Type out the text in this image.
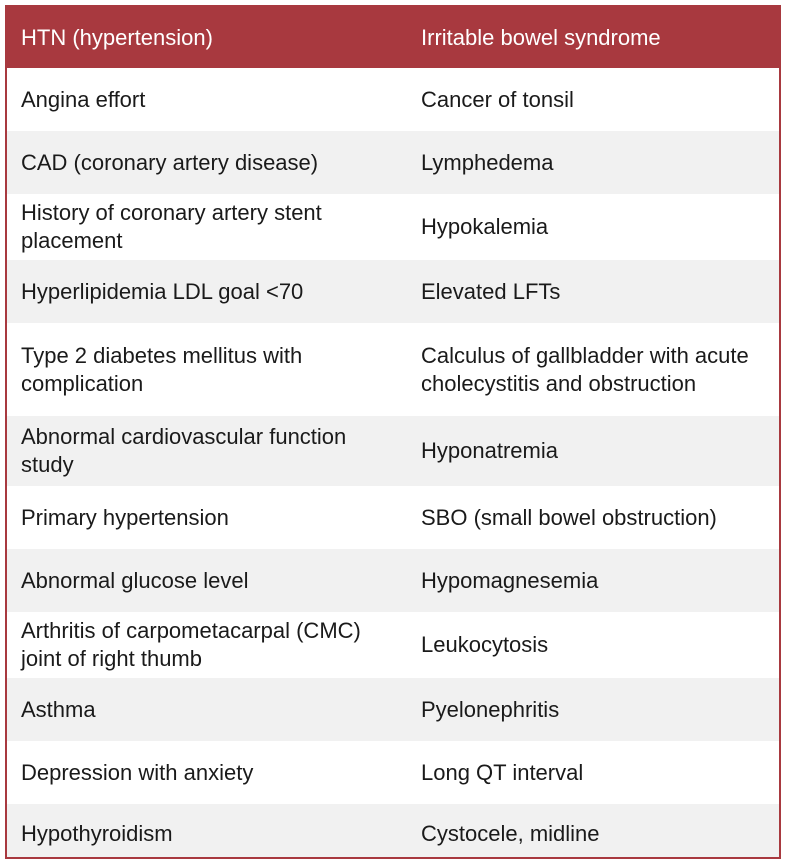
HTN (hypertension)	Irritable bowel syndrome
Angina effort	Cancer of tonsil
CAD (coronary artery disease)	Lymphedema
History of coronary artery stent placement	Hypokalemia
Hyperlipidemia LDL goal <70	Elevated LFTs
Type 2 diabetes mellitus with complication	Calculus of gallbladder with acute cholecystitis and obstruction
Abnormal cardiovascular function study	Hyponatremia
Primary hypertension	SBO (small bowel obstruction)
Abnormal glucose level	Hypomagnesemia
Arthritis of carpometacarpal (CMC) joint of right thumb	Leukocytosis
Asthma	Pyelonephritis
Depression with anxiety	Long QT interval
Hypothyroidism	Cystocele, midline
